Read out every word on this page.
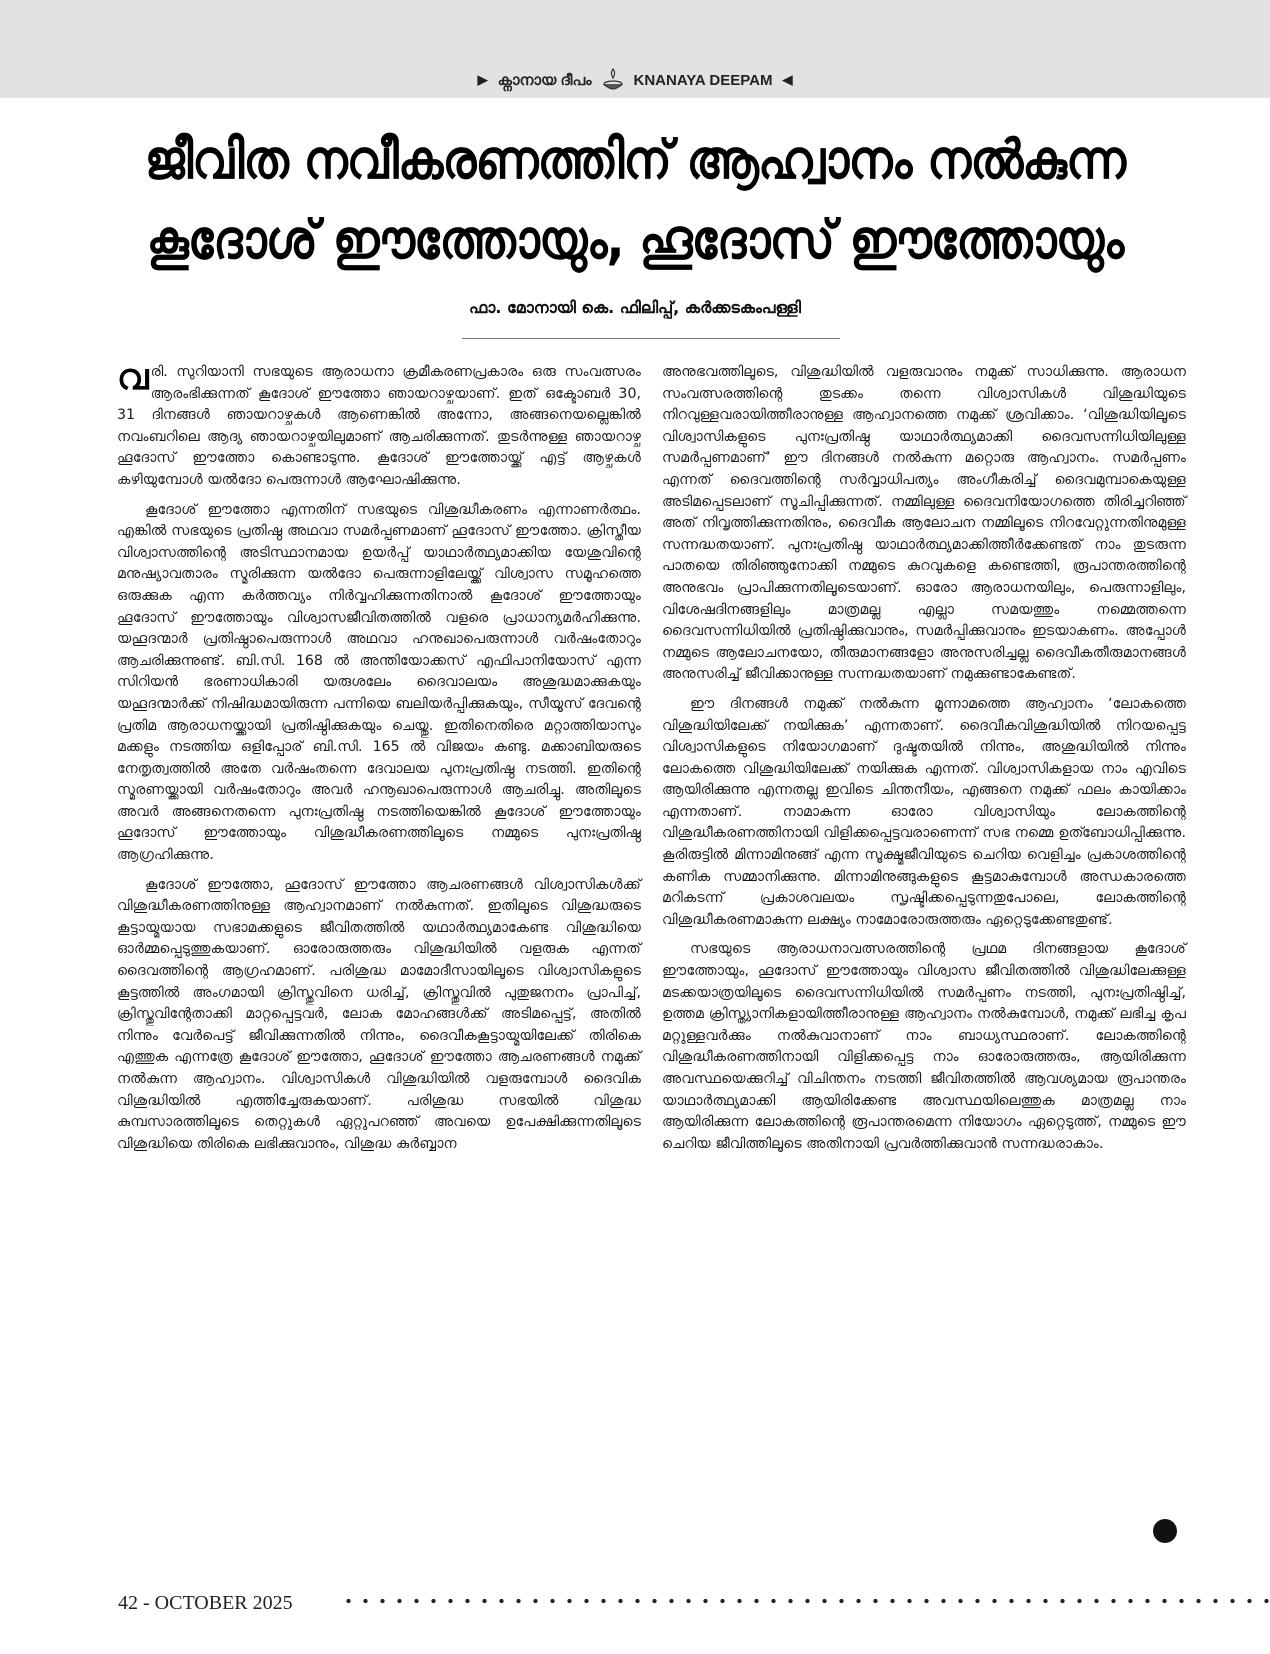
▶ ക്നാനായ ദീപം	KNANAYA DEEPAM ◀
ജീവിത നവീകരണത്തിന് ആഹ്വാനം നൽകുന്ന
കൂദോശ് ഈത്തോയും, ഹൂദോസ് ഈത്തോയും
ഫാ. മോനായി കെ. ഫിലിപ്പ്, കർക്കടകംപള്ളി

വരി. സുറിയാനി സഭയുടെ ആരാധനാ ക്രമീകരണപ്രകാരം ഒരു സംവത്സരം ആരംഭിക്കുന്നത് കൂദോശ് ഈത്തോ ഞായറാഴ്ചയാണ്. ഇത് ഒക്ടോബർ 30, 31 ദിനങ്ങൾ ഞായറാഴ്ചകൾ ആണെങ്കിൽ അന്നോ, അങ്ങനെയല്ലെങ്കിൽ നവംബറിലെ ആദ്യ ഞായറാഴ്ചയിലുമാണ് ആചരിക്കുന്നത്. തുടർന്നുള്ള ഞായറാഴ്ച ഹൂദോസ് ഈത്തോ കൊണ്ടാടുന്നു. കൂദോശ് ഈത്തോയ്ക്ക് എട്ട് ആഴ്ചകൾ കഴിയുമ്പോൾ യൽദോ പെരുന്നാൾ ആഘോഷിക്കുന്നു.

കൂദോശ് ഈത്തോ എന്നതിന് സഭയുടെ വിശുദ്ധീകരണം എന്നാണർത്ഥം. എങ്കിൽ സഭയുടെ പ്രതിഷ്ഠ അഥവാ സമർപ്പണമാണ് ഹൂദോസ് ഈത്തോ. ക്രിസ്തീയ വിശ്വാസത്തിന്റെ അടിസ്ഥാനമായ ഉയർപ്പ് യാഥാർത്ഥ്യമാക്കിയ യേശുവിന്റെ മനുഷ്യാവതാരം സ്മരിക്കുന്ന യൽദോ പെരുന്നാളിലേയ്ക്ക് വിശ്വാസ സമൂഹത്തെ ഒരുക്കുക എന്ന കർത്തവ്യം നിർവ്വഹിക്കുന്നതിനാൽ കൂദോശ് ഈത്തോയും ഹൂദോസ് ഈത്തോയും വിശ്വാസജീവിതത്തിൽ വളരെ പ്രാധാന്യമർഹിക്കുന്നു. യഹൂദന്മാർ പ്രതിഷ്ഠാപെരുന്നാൾ അഥവാ ഹനുഖാപെരുന്നാൾ വർഷംതോറും ആചരിക്കുന്നുണ്ട്. ബി.സി. 168 ൽ അന്തിയോക്കസ് എഫിപാനിയോസ് എന്ന സിറിയൻ ഭരണാധികാരി യരുശലേം ദൈവാലയം അശുദ്ധമാക്കുകയും യഹൂദന്മാർക്ക് നിഷിദ്ധമായിരുന്ന പന്നിയെ ബലിയർപ്പിക്കുകയും, സീയൂസ് ദേവന്റെ പ്രതിമ ആരാധനയ്ക്കായി പ്രതിഷ്ഠിക്കുകയും ചെയ്തു. ഇതിനെതിരെ മറ്റാത്തിയാസും മക്കളും നടത്തിയ ഒളിപ്പോര് ബി.സി. 165 ൽ വിജയം കണ്ടു. മക്കാബിയരുടെ നേതൃത്വത്തിൽ അതേ വർഷംതന്നെ ദേവാലയ പുനഃപ്രതിഷ്ഠ നടത്തി. ഇതിന്റെ സ്മരണയ്ക്കായി വർഷംതോറും അവർ ഹനൂഖാപെരുന്നാൾ ആചരിച്ചു. അതിലൂടെ അവർ അങ്ങനെതന്നെ പുനഃപ്രതിഷ്ഠ നടത്തിയെങ്കിൽ കൂദോശ് ഈത്തോയും ഹൂദോസ് ഈത്തോയും വിശുദ്ധീകരണത്തിലൂടെ നമ്മുടെ പുനഃപ്രതിഷ്ഠ ആഗ്രഹിക്കുന്നു.

കൂദോശ് ഈത്തോ, ഹൂദോസ് ഈത്തോ ആചരണങ്ങൾ വിശ്വാസികൾക്ക് വിശുദ്ധീകരണത്തിനുള്ള ആഹ്വാനമാണ് നൽകുന്നത്. ഇതിലൂടെ വിശുദ്ധരുടെ കൂട്ടായ്മയായ സഭാമക്കളുടെ ജീവിതത്തിൽ യഥാർത്ഥ്യമാകേണ്ട വിശുദ്ധിയെ ഓർമ്മപ്പെടുത്തുകയാണ്. ഓരോരുത്തരും വിശുദ്ധിയിൽ വളരുക എന്നത് ദൈവത്തിന്റെ ആഗ്രഹമാണ്. പരിശുദ്ധ മാമോദീസായിലൂടെ വിശ്വാസികളുടെ കൂട്ടത്തിൽ അംഗമായി ക്രിസ്തുവിനെ ധരിച്ച്, ക്രിസ്തുവിൽ പുതുജനനം പ്രാപിച്ച്, ക്രിസ്തുവിന്റേതാക്കി മാറ്റപ്പെട്ടവർ, ലോക മോഹങ്ങൾക്ക് അടിമപ്പെട്ട്, അതിൽ നിന്നും വേർപെട്ട് ജീവിക്കുന്നതിൽ നിന്നും, ദൈവീകകൂട്ടായ്മയിലേക്ക് തിരികെ എത്തുക എന്നത്രേ കൂദോശ് ഈത്തോ, ഹൂദോശ് ഈത്തോ ആചരണങ്ങൾ നമുക്ക് നൽകുന്ന ആഹ്വാനം. വിശ്വാസികൾ വിശുദ്ധിയിൽ വളരുമ്പോൾ ദൈവിക വിശുദ്ധിയിൽ എത്തിച്ചേരുകയാണ്. പരിശുദ്ധ സഭയിൽ വിശുദ്ധ കുമ്പസാരത്തിലൂടെ തെറ്റുകൾ ഏറ്റുപറഞ്ഞ് അവയെ ഉപേക്ഷിക്കുന്നതിലൂടെ വിശുദ്ധിയെ തിരികെ ലഭിക്കുവാനും, വിശുദ്ധ കുർബ്ബാന

അനുഭവത്തിലൂടെ, വിശുദ്ധിയിൽ വളരുവാനും നമുക്ക് സാധിക്കുന്നു. ആരാധന സംവത്സരത്തിന്റെ തുടക്കം തന്നെ വിശ്വാസികൾ വിശുദ്ധിയുടെ നിറവുള്ളവരായിത്തീരാനുള്ള ആഹ്വാനത്തെ നമുക്ക് ശ്രവിക്കാം. ‘വിശുദ്ധിയിലൂടെ വിശ്വാസികളുടെ പുനഃപ്രതിഷ്ഠ യാഥാർത്ഥ്യമാക്കി ദൈവസന്നിധിയിലുള്ള സമർപ്പണമാണ്’ ഈ ദിനങ്ങൾ നൽകുന്ന മറ്റൊരു ആഹ്വാനം. സമർപ്പണം എന്നത് ദൈവത്തിന്റെ സർവ്വാധിപത്യം അംഗീകരിച്ച് ദൈവമുമ്പാകെയുള്ള അടിമപ്പെടലാണ് സൂചിപ്പിക്കുന്നത്. നമ്മിലുള്ള ദൈവനിയോഗത്തെ തിരിച്ചറിഞ്ഞ് അത് നിവൃത്തിക്കുന്നതിനും, ദൈവീക ആലോചന നമ്മിലൂടെ നിറവേറ്റുന്നതിനുമുള്ള സന്നദ്ധതയാണ്. പുനഃപ്രതിഷ്ഠ യാഥാർത്ഥ്യമാക്കിത്തീർക്കേണ്ടത് നാം തുടരുന്ന പാതയെ തിരിഞ്ഞുനോക്കി നമ്മുടെ കുറവുകളെ കണ്ടെത്തി, രൂപാന്തരത്തിന്റെ അനുഭവം പ്രാപിക്കുന്നതിലൂടെയാണ്. ഓരോ ആരാധനയിലും, പെരുന്നാളിലും, വിശേഷദിനങ്ങളിലും മാത്രമല്ല എല്ലാ സമയത്തും നമ്മെത്തന്നെ ദൈവസന്നിധിയിൽ പ്രതിഷ്ഠിക്കുവാനും, സമർപ്പിക്കുവാനും ഇടയാകണം. അപ്പോൾ നമ്മുടെ ആലോചനയോ, തീരുമാനങ്ങളോ അനുസരിച്ചല്ല ദൈവീകതീരുമാനങ്ങൾ അനുസരിച്ച് ജീവിക്കാനുള്ള സന്നദ്ധതയാണ് നമുക്കുണ്ടാകേണ്ടത്.

ഈ ദിനങ്ങൾ നമുക്ക് നൽകുന്ന മൂന്നാമത്തെ ആഹ്വാനം ‘ലോകത്തെ വിശുദ്ധിയിലേക്ക് നയിക്കുക’ എന്നതാണ്. ദൈവീകവിശുദ്ധിയിൽ നിറയപ്പെട്ട വിശ്വാസികളുടെ നിയോഗമാണ് ദുഷ്ടതയിൽ നിന്നും, അശുദ്ധിയിൽ നിന്നും ലോകത്തെ വിശുദ്ധിയിലേക്ക് നയിക്കുക എന്നത്. വിശ്വാസികളായ നാം എവിടെ ആയിരിക്കുന്നു എന്നതല്ല ഇവിടെ ചിന്തനീയം, എങ്ങനെ നമുക്ക് ഫലം കായിക്കാം എന്നതാണ്. നാമാകുന്ന ഓരോ വിശ്വാസിയും ലോകത്തിന്റെ വിശുദ്ധീകരണത്തിനായി വിളിക്കപ്പെട്ടവരാണെന്ന് സഭ നമ്മെ ഉത്ബോധിപ്പിക്കുന്നു. കൂരിരുട്ടിൽ മിന്നാമിനുങ്ങ് എന്ന സൂക്ഷ്മജീവിയുടെ ചെറിയ വെളിച്ചം പ്രകാശത്തിന്റെ കണിക സമ്മാനിക്കുന്നു. മിന്നാമിനുങ്ങുകളുടെ കൂട്ടമാകുമ്പോൾ അന്ധകാരത്തെ മറികടന്ന് പ്രകാശവലയം സൃഷ്ടിക്കപ്പെടുന്നതുപോലെ, ലോകത്തിന്റെ വിശുദ്ധീകരണമാകുന്ന ലക്ഷ്യം നാമോരോരുത്തരും ഏറ്റെടുക്കേണ്ടതുണ്ട്.

സഭയുടെ ആരാധനാവത്സരത്തിന്റെ പ്രഥമ ദിനങ്ങളായ കൂദോശ് ഈത്തോയും, ഹൂദോസ് ഈത്തോയും വിശ്വാസ ജീവിതത്തിൽ വിശുദ്ധിലേക്കുള്ള മടക്കയാത്രയിലൂടെ ദൈവസന്നിധിയിൽ സമർപ്പണം നടത്തി, പുനഃപ്രതിഷ്ഠിച്ച്, ഉത്തമ ക്രിസ്ത്യാനികളായിത്തീരാനുള്ള ആഹ്വാനം നൽകുമ്പോൾ, നമുക്ക് ലഭിച്ച കൃപ മറ്റുള്ളവർക്കും നൽകുവാനാണ് നാം ബാധ്യസ്ഥരാണ്. ലോകത്തിന്റെ വിശുദ്ധീകരണത്തിനായി വിളിക്കപ്പെട്ട നാം ഓരോരുത്തരും, ആയിരിക്കുന്ന അവസ്ഥയെക്കുറിച്ച് വിചിന്തനം നടത്തി ജീവിതത്തിൽ ആവശ്യമായ രൂപാന്തരം യാഥാർത്ഥ്യമാക്കി ആയിരിക്കേണ്ട അവസ്ഥയിലെത്തുക മാത്രമല്ല നാം ആയിരിക്കുന്ന ലോകത്തിന്റെ രൂപാന്തരമെന്ന നിയോഗം ഏറ്റെടുത്ത്, നമ്മുടെ ഈ ചെറിയ ജീവിത്തിലൂടെ അതിനായി പ്രവർത്തിക്കുവാൻ സന്നദ്ധരാകാം.

42 - OCTOBER 2025
